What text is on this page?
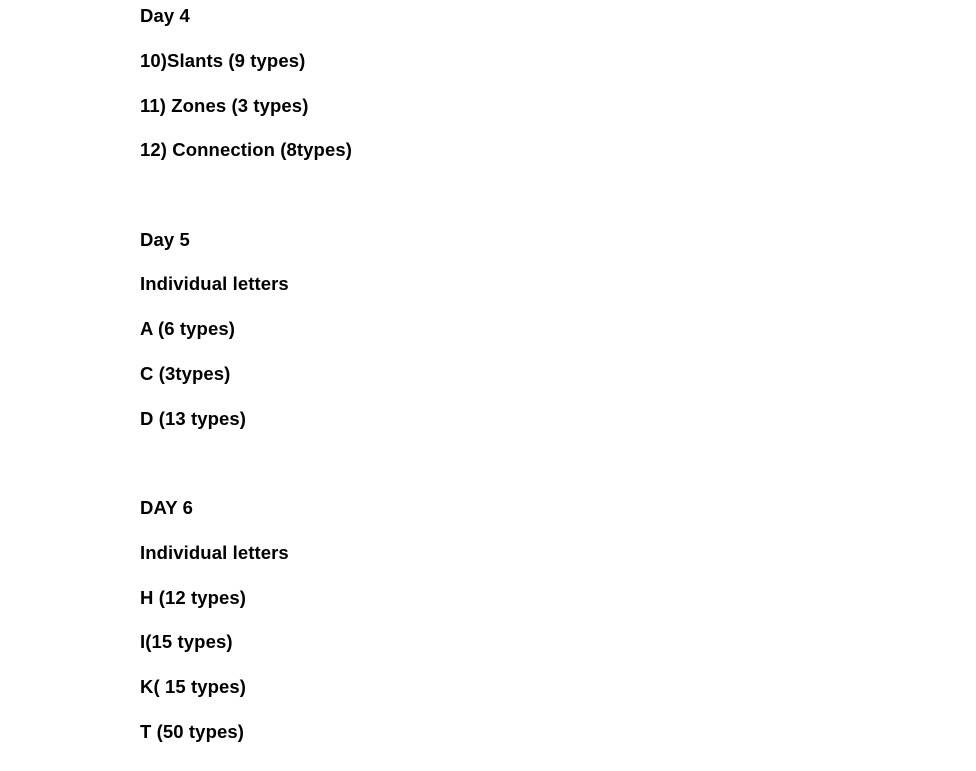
Day 4
10)Slants (9 types)
11) Zones (3 types)
12) Connection (8types)
Day 5
Individual letters
A (6 types)
C (3types)
D (13 types)
DAY 6
Individual letters
H (12 types)
I(15 types)
K( 15 types)
T (50 types)
